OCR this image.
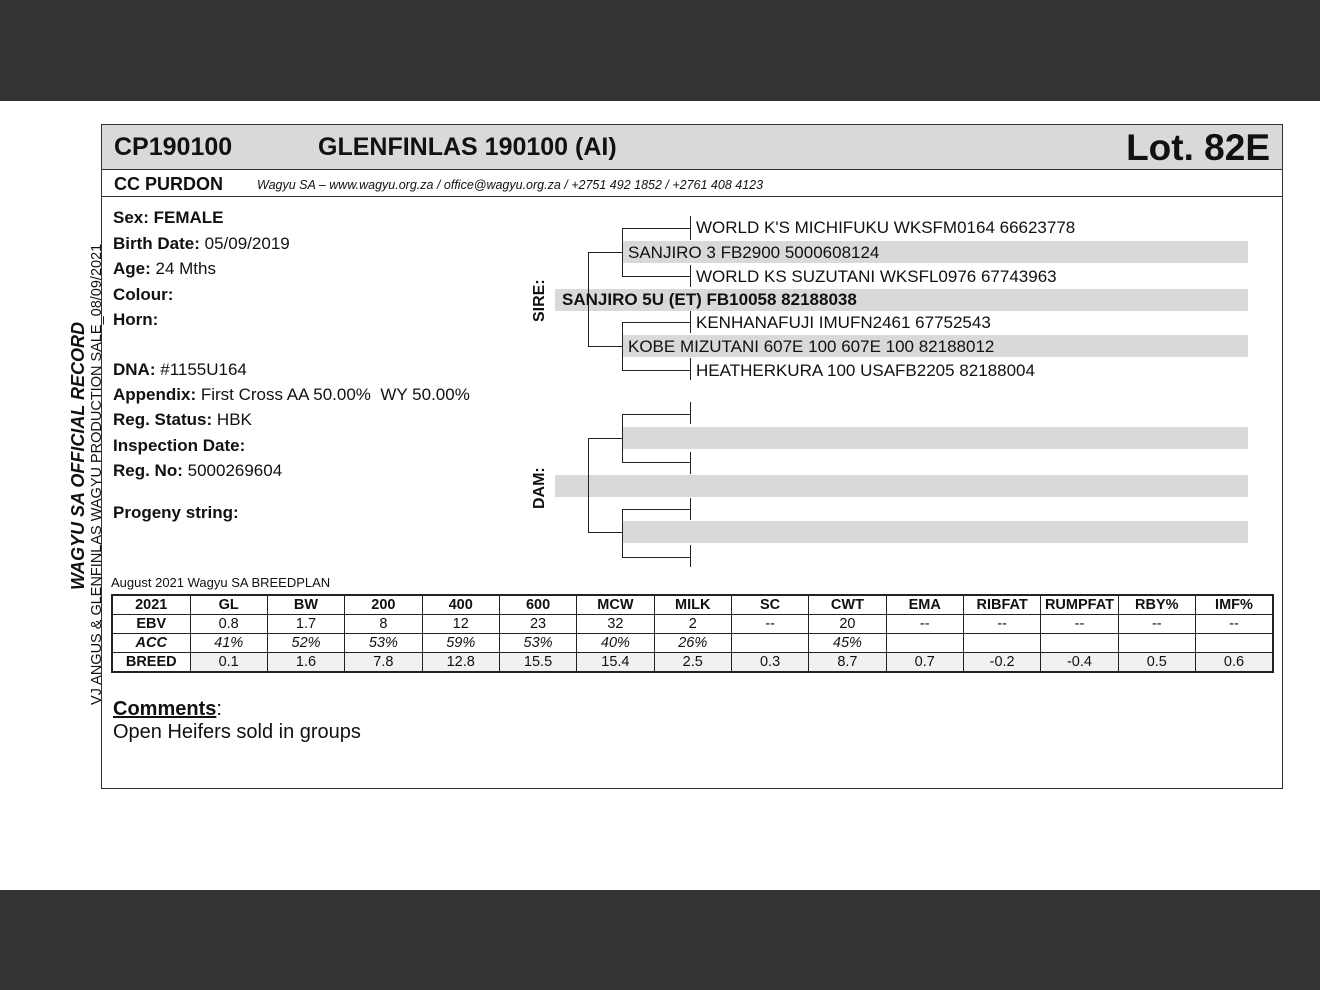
CP190100	GLENFINLAS 190100 (AI)	Lot. 82E
CC PURDON	Wagyu SA – www.wagyu.org.za / office@wagyu.org.za / +2751 492 1852 / +2761 408 4123
WAGYU SA OFFICIAL RECORD VJ ANGUS & GLENFINLAS WAGYU PRODUCTION SALE_08/09/2021
Sex: FEMALE
Birth Date: 05/09/2019
Age: 24 Mths
Colour:
Horn:
DNA: #1155U164
Appendix: First Cross AA 50.00%  WY 50.00%
Reg. Status: HBK
Inspection Date:
Reg. No: 5000269604
Progeny string:
SIRE:
DAM:
WORLD K'S MICHIFUKU WKSFM0164 66623778
SANJIRO 3 FB2900 5000608124
WORLD KS SUZUTANI WKSFL0976 67743963
SANJIRO 5U (ET) FB10058 82188038
KENHANAFUJI IMUFN2461 67752543
KOBE MIZUTANI 607E 100 607E 100 82188012
HEATHERKURA 100 USAFB2205 82188004
August 2021 Wagyu SA BREEDPLAN
2021	GL	BW	200	400	600	MCW	MILK	SC	CWT	EMA	RIBFAT	RUMPFAT	RBY%	IMF%
EBV	0.8	1.7	8	12	23	32	2	--	20	--	--	--	--	--
ACC	41%	52%	53%	59%	53%	40%	26%		45%					
BREED	0.1	1.6	7.8	12.8	15.5	15.4	2.5	0.3	8.7	0.7	-0.2	-0.4	0.5	0.6
Comments:
Open Heifers sold in groups
